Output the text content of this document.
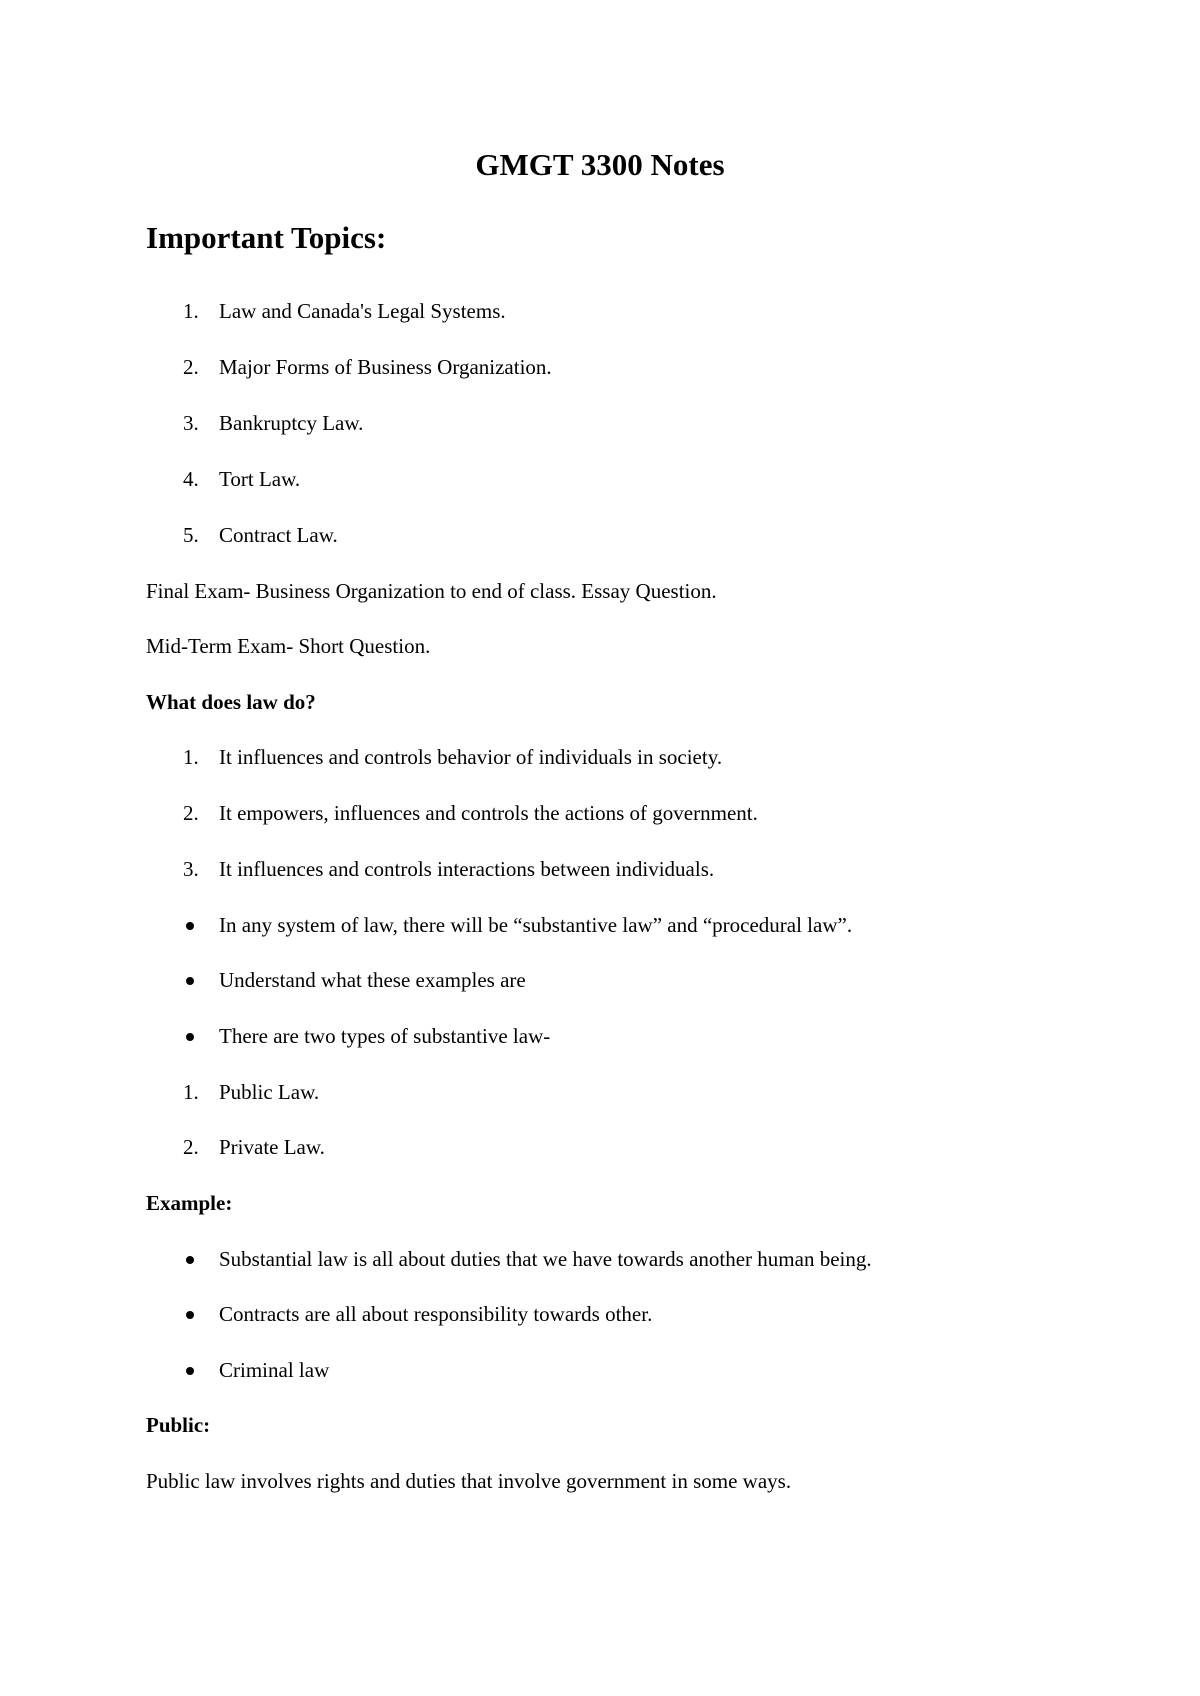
GMGT 3300 Notes
Important Topics:
1. Law and Canada's Legal Systems.
2. Major Forms of Business Organization.
3. Bankruptcy Law.
4. Tort Law.
5. Contract Law.
Final Exam- Business Organization to end of class. Essay Question.
Mid-Term Exam- Short Question.
What does law do?
1. It influences and controls behavior of individuals in society.
2. It empowers, influences and controls the actions of government.
3. It influences and controls interactions between individuals.
In any system of law, there will be “substantive law” and “procedural law”.
Understand what these examples are
There are two types of substantive law-
1. Public Law.
2. Private Law.
Example:
Substantial law is all about duties that we have towards another human being.
Contracts are all about responsibility towards other.
Criminal law
Public:
Public law involves rights and duties that involve government in some ways.
